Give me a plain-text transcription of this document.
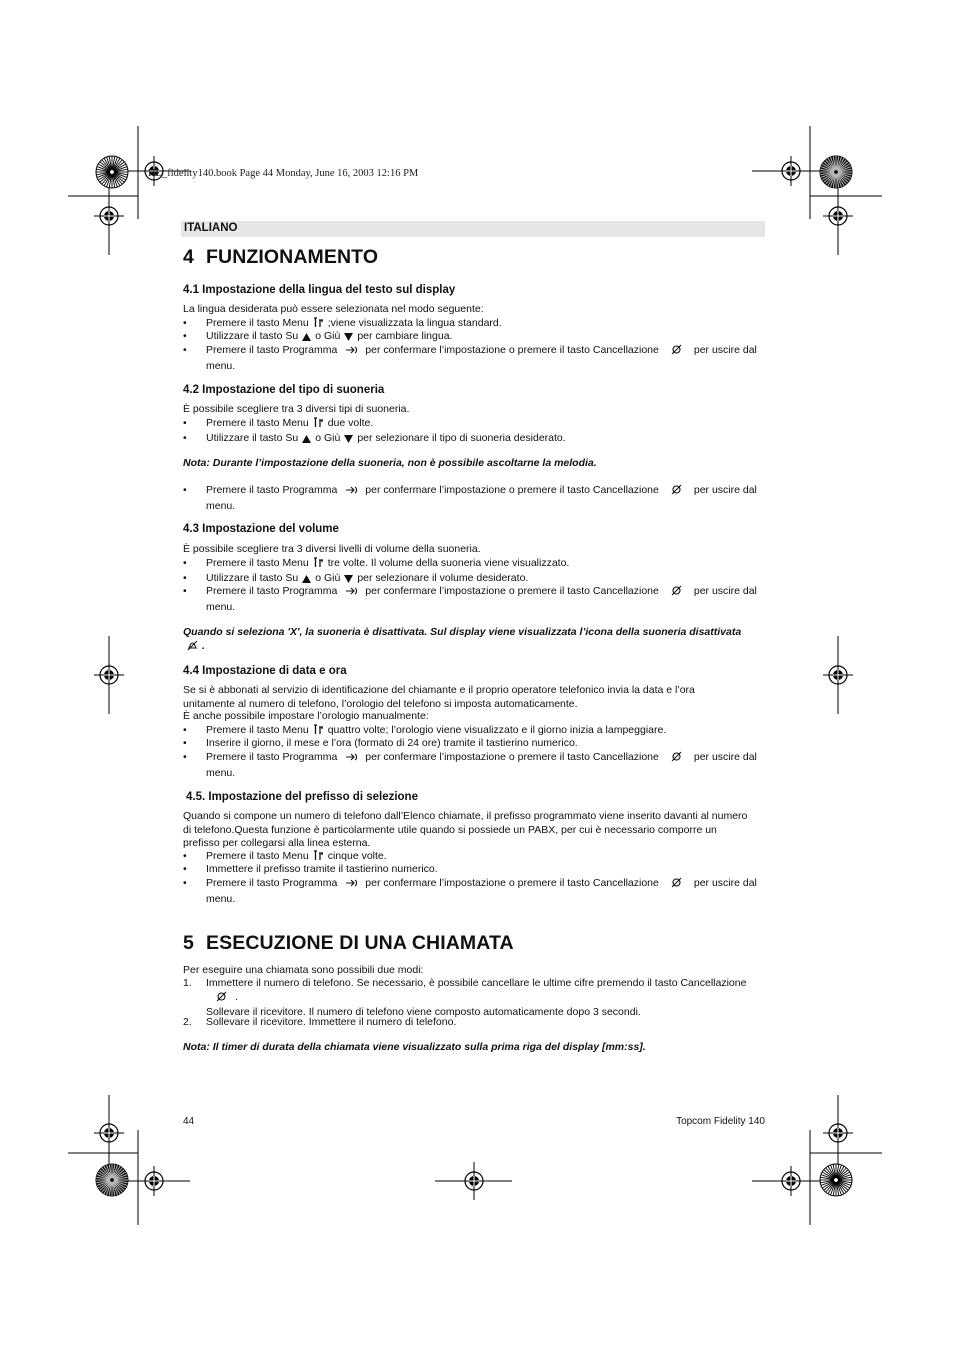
HL_fidelity140.book Page 44 Monday, June 16, 2003 12:16 PM
ITALIANO
4 FUNZIONAMENTO
4.1 Impostazione della lingua del testo sul display

La lingua desiderata può essere selezionata nel modo seguente:

• Premere il tasto Menu ;viene visualizzata la lingua standard.
• Utilizzare il tasto Su o Giù per cambiare lingua.
• Premere il tasto Programma	per confermare l’impostazione o premere il tasto Cancellazione	per uscire dal menu.
4.2 Impostazione del tipo di suoneria

È possibile scegliere tra 3 diversi tipi di suoneria.

• Premere il tasto Menu due volte.
• Utilizzare il tasto Su o Giù per selezionare il tipo di suoneria desiderato.

Nota: Durante l’impostazione della suoneria, non è possibile ascoltarne la melodia.

• Premere il tasto Programma	per confermare l’impostazione o premere il tasto Cancellazione	per uscire dal menu.
4.3 Impostazione del volume

È possibile scegliere tra 3 diversi livelli di volume della suoneria.

• Premere il tasto Menu tre volte. Il volume della suoneria viene visualizzato.
• Utilizzare il tasto Su o Giù per selezionare il volume desiderato.
• Premere il tasto Programma	per confermare l’impostazione o premere il tasto Cancellazione	per uscire dal menu.

Quando si seleziona 'X', la suoneria è disattivata. Sul display viene visualizzata l’icona della suoneria disattivata.

4.4 Impostazione di data e ora

Se si è abbonati al servizio di identificazione del chiamante e il proprio operatore telefonico invia la data e l’ora unitamente al numero di telefono, l’orologio del telefono si imposta automaticamente.

È anche possibile impostare l’orologio manualmente:

• Premere il tasto Menu quattro volte; l’orologio viene visualizzato e il giorno inizia a lampeggiare.
• Inserire il giorno, il mese e l’ora (formato di 24 ore) tramite il tastierino numerico.
• Premere il tasto Programma	per confermare l’impostazione o premere il tasto Cancellazione	per uscire dal menu.
4.5. Impostazione del prefisso di selezione

Quando si compone un numero di telefono dall’Elenco chiamate, il prefisso programmato viene inserito davanti al numero di telefono.Questa funzione è particolarmente utile quando si possiede un PABX, per cui è necessario comporre un prefisso per collegarsi alla linea esterna.

• Premere il tasto Menu cinque volte.
• Immettere il prefisso tramite il tastierino numerico.
• Premere il tasto Programma	per confermare l’impostazione o premere il tasto Cancellazione	per uscire dal menu.
5 ESECUZIONE DI UNA CHIAMATA

Per eseguire una chiamata sono possibili due modi:

1. Immettere il numero di telefono. Se necessario, è possibile cancellare le ultime cifre premendo il tasto Cancellazione.
Sollevare il ricevitore. Il numero di telefono viene composto automaticamente dopo 3 secondi.
2. Sollevare il ricevitore. Immettere il numero di telefono.

Nota: Il timer di durata della chiamata viene visualizzato sulla prima riga del display [mm:ss].

44	Topcom Fidelity 140
